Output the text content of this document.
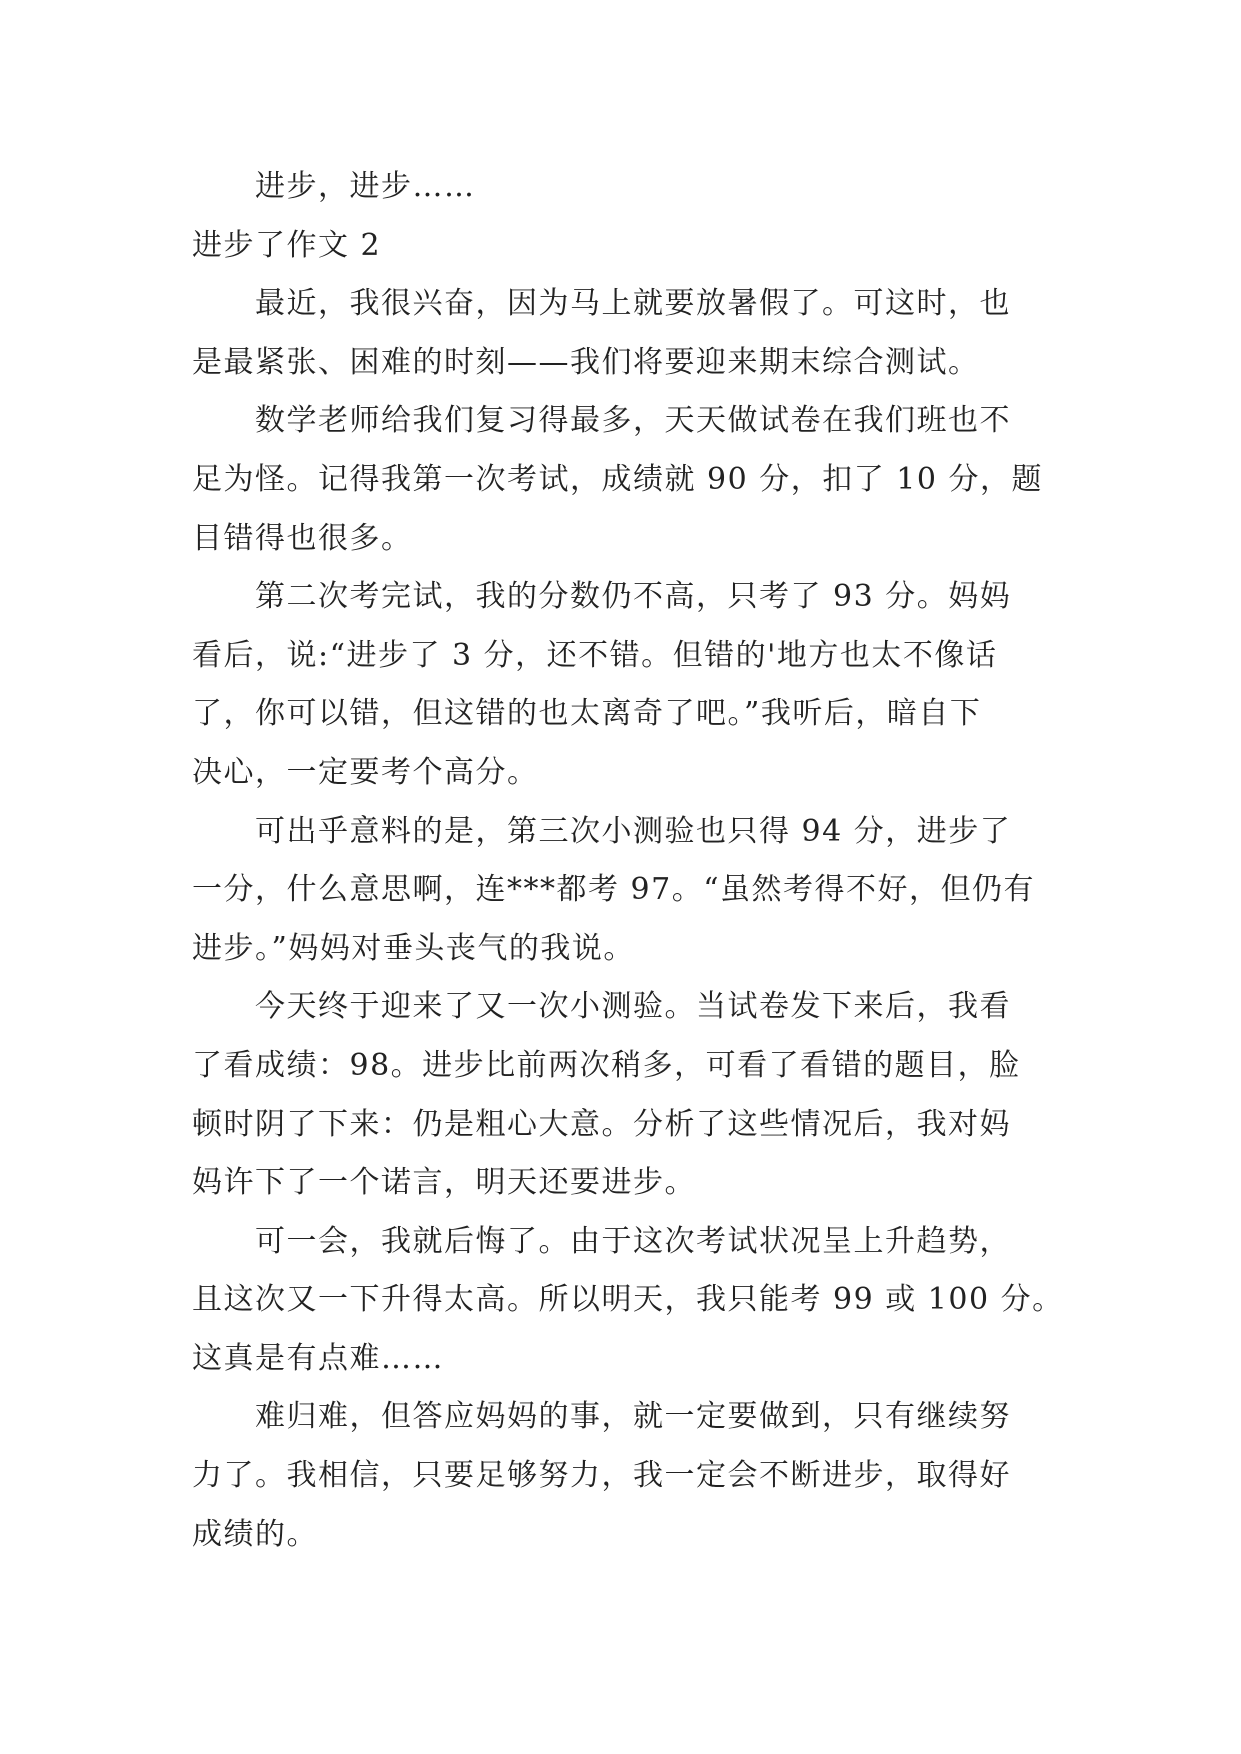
进步，进步……
进步了作文 2
最近，我很兴奋，因为马上就要放暑假了。可这时，也
是最紧张、困难的时刻——我们将要迎来期末综合测试。
数学老师给我们复习得最多，天天做试卷在我们班也不
足为怪。记得我第一次考试，成绩就 90 分，扣了 10 分，题
目错得也很多。
第二次考完试，我的分数仍不高，只考了 93 分。妈妈
看后，说:“进步了 3 分，还不错。但错的'地方也太不像话
了，你可以错，但这错的也太离奇了吧。”我听后，暗自下
决心，一定要考个高分。
可出乎意料的是，第三次小测验也只得 94 分，进步了
一分，什么意思啊，连***都考 97。“虽然考得不好，但仍有
进步。”妈妈对垂头丧气的我说。
今天终于迎来了又一次小测验。当试卷发下来后，我看
了看成绩：98。进步比前两次稍多，可看了看错的题目，脸
顿时阴了下来：仍是粗心大意。分析了这些情况后，我对妈
妈许下了一个诺言，明天还要进步。
可一会，我就后悔了。由于这次考试状况呈上升趋势，
且这次又一下升得太高。所以明天，我只能考 99 或 100 分。
这真是有点难……
难归难，但答应妈妈的事，就一定要做到，只有继续努
力了。我相信，只要足够努力，我一定会不断进步，取得好
成绩的。
